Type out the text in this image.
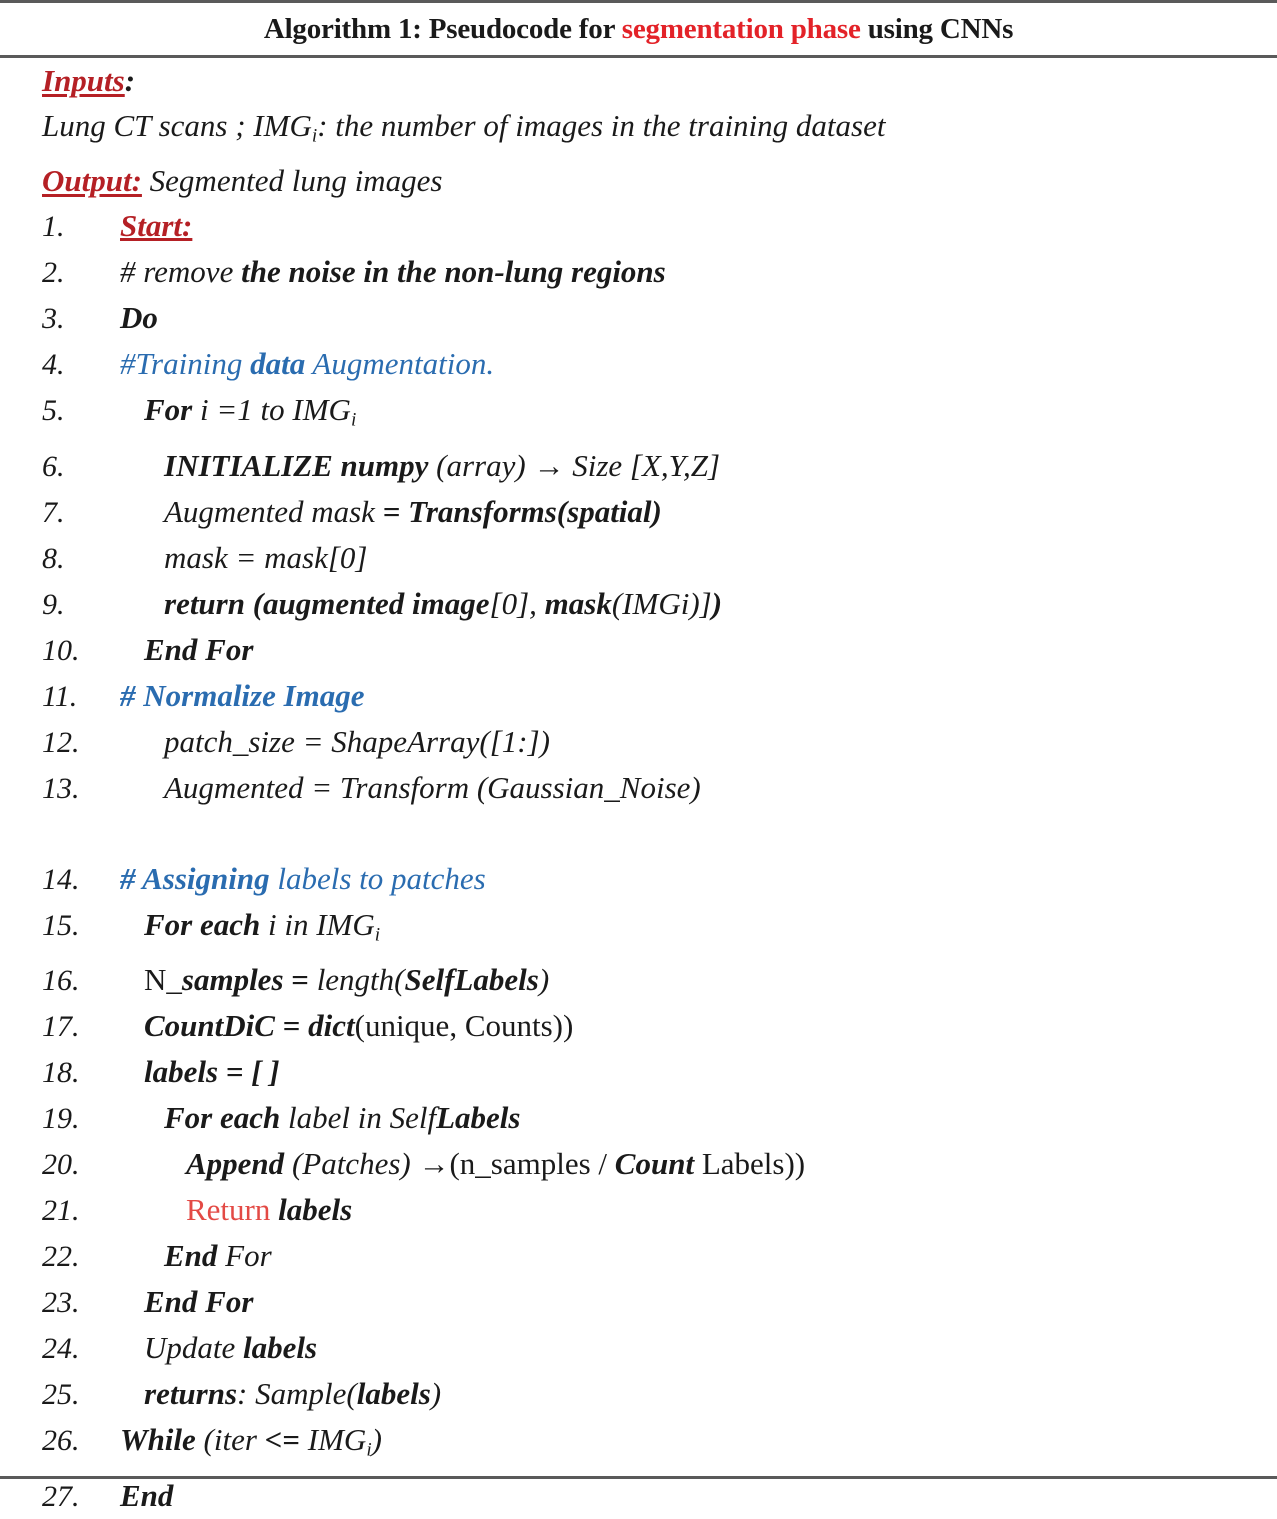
Algorithm 1: Pseudocode for segmentation phase using CNNs
Inputs:
Lung CT scans ; $IMG_i$: the number of images in the training dataset
Output: Segmented lung images
1.	Start:
2.	# remove the noise in the non-lung regions
3.	Do
4.	#Training data Augmentation.
5.	For i =1 to $IMG_i$
6.	INITIALIZE numpy (array) → Size [X,Y,Z]
7.	Augmented mask = Transforms(spatial)
8.	mask = mask[0]
9.	return (augmented image[0], mask(IMGi)])
10.	End For
11.	# Normalize Image
12.	patch_size = ShapeArray([1:])
13.	Augmented = Transform (Gaussian_Noise)
14.	# Assigning labels to patches
15.	For each i in $IMG_i$
16.	N_samples = length(SelfLabels)
17.	CountDiC = dict(unique, Counts))
18.	labels = [ ]
19.	For each label in SelfLabels
20.	Append (Patches) →(n_samples / Count Labels))
21.	Return labels
22.	End For
23.	End For
24.	Update labels
25.	returns: Sample(labels)
26.	While (iter <= $IMG_i$)
27.	End
